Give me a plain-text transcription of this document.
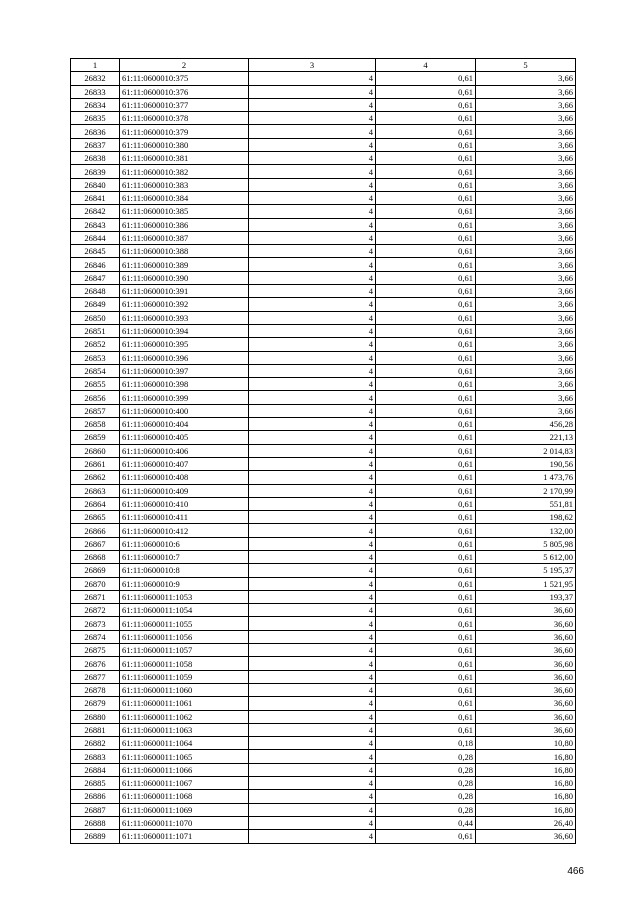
1	2	3	4	5
26832	61:11:0600010:375	4	0,61	3,66
26833	61:11:0600010:376	4	0,61	3,66
26834	61:11:0600010:377	4	0,61	3,66
26835	61:11:0600010:378	4	0,61	3,66
26836	61:11:0600010:379	4	0,61	3,66
26837	61:11:0600010:380	4	0,61	3,66
26838	61:11:0600010:381	4	0,61	3,66
26839	61:11:0600010:382	4	0,61	3,66
26840	61:11:0600010:383	4	0,61	3,66
26841	61:11:0600010:384	4	0,61	3,66
26842	61:11:0600010:385	4	0,61	3,66
26843	61:11:0600010:386	4	0,61	3,66
26844	61:11:0600010:387	4	0,61	3,66
26845	61:11:0600010:388	4	0,61	3,66
26846	61:11:0600010:389	4	0,61	3,66
26847	61:11:0600010:390	4	0,61	3,66
26848	61:11:0600010:391	4	0,61	3,66
26849	61:11:0600010:392	4	0,61	3,66
26850	61:11:0600010:393	4	0,61	3,66
26851	61:11:0600010:394	4	0,61	3,66
26852	61:11:0600010:395	4	0,61	3,66
26853	61:11:0600010:396	4	0,61	3,66
26854	61:11:0600010:397	4	0,61	3,66
26855	61:11:0600010:398	4	0,61	3,66
26856	61:11:0600010:399	4	0,61	3,66
26857	61:11:0600010:400	4	0,61	3,66
26858	61:11:0600010:404	4	0,61	456,28
26859	61:11:0600010:405	4	0,61	221,13
26860	61:11:0600010:406	4	0,61	2 014,83
26861	61:11:0600010:407	4	0,61	190,56
26862	61:11:0600010:408	4	0,61	1 473,76
26863	61:11:0600010:409	4	0,61	2 170,99
26864	61:11:0600010:410	4	0,61	551,81
26865	61:11:0600010:411	4	0,61	198,62
26866	61:11:0600010:412	4	0,61	132,00
26867	61:11:0600010:6	4	0,61	5 805,98
26868	61:11:0600010:7	4	0,61	5 612,00
26869	61:11:0600010:8	4	0,61	5 195,37
26870	61:11:0600010:9	4	0,61	1 521,95
26871	61:11:0600011:1053	4	0,61	193,37
26872	61:11:0600011:1054	4	0,61	36,60
26873	61:11:0600011:1055	4	0,61	36,60
26874	61:11:0600011:1056	4	0,61	36,60
26875	61:11:0600011:1057	4	0,61	36,60
26876	61:11:0600011:1058	4	0,61	36,60
26877	61:11:0600011:1059	4	0,61	36,60
26878	61:11:0600011:1060	4	0,61	36,60
26879	61:11:0600011:1061	4	0,61	36,60
26880	61:11:0600011:1062	4	0,61	36,60
26881	61:11:0600011:1063	4	0,61	36,60
26882	61:11:0600011:1064	4	0,18	10,80
26883	61:11:0600011:1065	4	0,28	16,80
26884	61:11:0600011:1066	4	0,28	16,80
26885	61:11:0600011:1067	4	0,28	16,80
26886	61:11:0600011:1068	4	0,28	16,80
26887	61:11:0600011:1069	4	0,28	16,80
26888	61:11:0600011:1070	4	0,44	26,40
26889	61:11:0600011:1071	4	0,61	36,60
466
